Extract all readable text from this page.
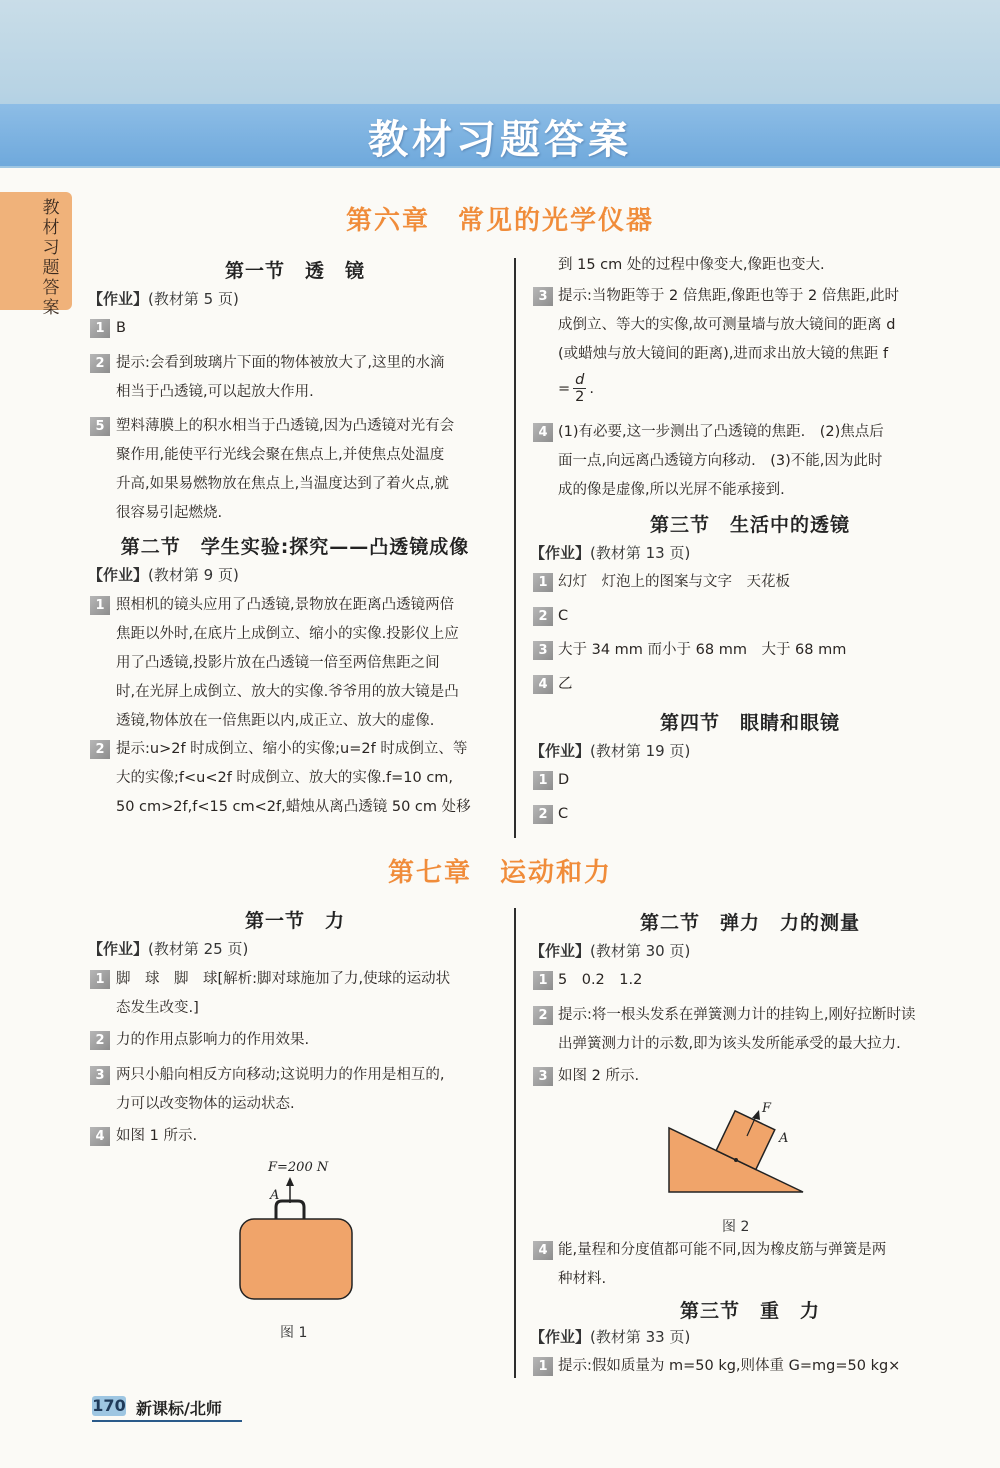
教材习题答案
教材习题答案
第六章 常见的光学仪器
第一节　透　镜
【作业】(教材第 5 页)
1 B
2 提示:会看到玻璃片下面的物体被放大了,这里的水滴
相当于凸透镜,可以起放大作用.
5 塑料薄膜上的积水相当于凸透镜,因为凸透镜对光有会
聚作用,能使平行光线会聚在焦点上,并使焦点处温度
升高,如果易燃物放在焦点上,当温度达到了着火点,就
很容易引起燃烧.
第二节　学生实验:探究——凸透镜成像
【作业】(教材第 9 页)
1 照相机的镜头应用了凸透镜,景物放在距离凸透镜两倍
焦距以外时,在底片上成倒立、缩小的实像.投影仪上应
用了凸透镜,投影片放在凸透镜一倍至两倍焦距之间
时,在光屏上成倒立、放大的实像.爷爷用的放大镜是凸
透镜,物体放在一倍焦距以内,成正立、放大的虚像.
2 提示:u>2f 时成倒立、缩小的实像;u=2f 时成倒立、等
大的实像;f<u<2f 时成倒立、放大的实像.f=10 cm,
50 cm>2f,f<15 cm<2f,蜡烛从离凸透镜 50 cm 处移
到 15 cm 处的过程中像变大,像距也变大.
3 提示:当物距等于 2 倍焦距,像距也等于 2 倍焦距,此时
成倒立、等大的实像,故可测量墙与放大镜间的距离 d
(或蜡烛与放大镜间的距离),进而求出放大镜的焦距 f
= $\frac{d}{2}$ .
4 (1)有必要,这一步测出了凸透镜的焦距.　(2)焦点后
面一点,向远离凸透镜方向移动.　(3)不能,因为此时
成的像是虚像,所以光屏不能承接到.
第三节　生活中的透镜
【作业】(教材第 13 页)
1 幻灯　灯泡上的图案与文字　天花板
2 C
3 大于 34 mm 而小于 68 mm　大于 68 mm
4 乙
第四节　眼睛和眼镜
【作业】(教材第 19 页)
1 D
2 C
第七章 运动和力
第一节　力
【作业】(教材第 25 页)
1 脚　球　脚　球[解析:脚对球施加了力,使球的运动状
态发生改变.]
2 力的作用点影响力的作用效果.
3 两只小船向相反方向移动;这说明力的作用是相互的,
力可以改变物体的运动状态.
4 如图 1 所示.
F=200 N
A
图 1
第二节　弹力　力的测量
【作业】(教材第 30 页)
1 5　0.2　1.2
2 提示:将一根头发系在弹簧测力计的挂钩上,刚好拉断时读
出弹簧测力计的示数,即为该头发所能承受的最大拉力.
3 如图 2 所示.
F
A
图 2
4 能,量程和分度值都可能不同,因为橡皮筋与弹簧是两
种材料.
第三节　重　力
【作业】(教材第 33 页)
1 提示:假如质量为 m=50 kg,则体重 G=mg=50 kg×
170 新课标/北师
